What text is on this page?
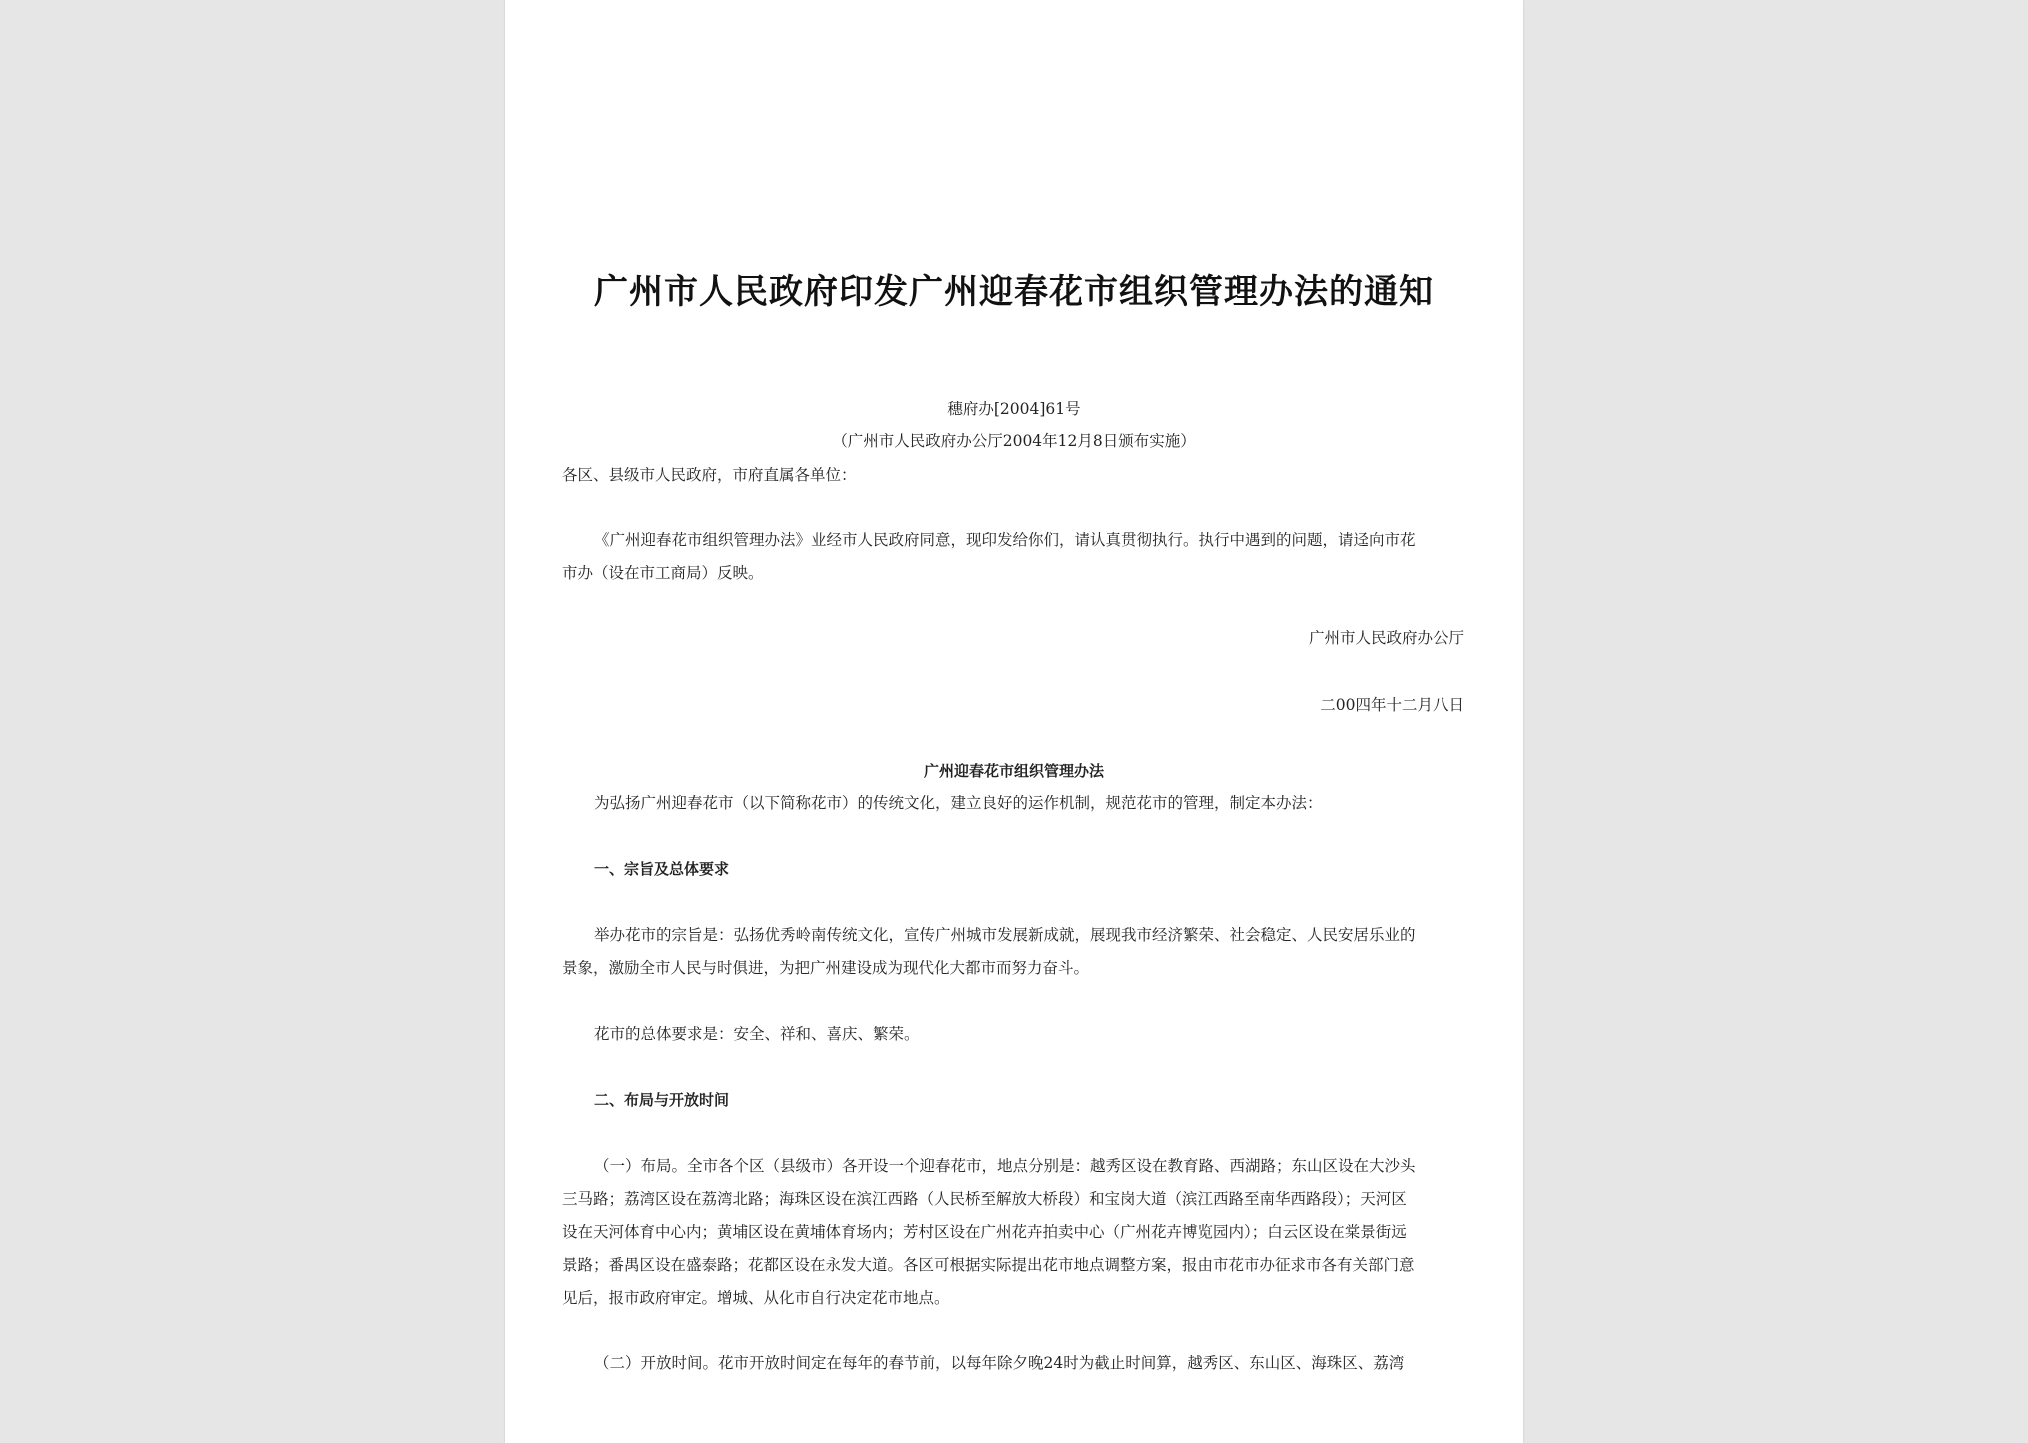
广州市人民政府印发广州迎春花市组织管理办法的通知
穗府办[2004]61号
（广州市人民政府办公厅2004年12月8日颁布实施）
各区、县级市人民政府，市府直属各单位：
《广州迎春花市组织管理办法》业经市人民政府同意，现印发给你们，请认真贯彻执行。执行中遇到的问题，请迳向市花
市办（设在市工商局）反映。
广州市人民政府办公厅
二00四年十二月八日
广州迎春花市组织管理办法
为弘扬广州迎春花市（以下简称花市）的传统文化，建立良好的运作机制，规范花市的管理，制定本办法：
一、宗旨及总体要求
举办花市的宗旨是：弘扬优秀岭南传统文化，宣传广州城市发展新成就，展现我市经济繁荣、社会稳定、人民安居乐业的
景象，激励全市人民与时俱进，为把广州建设成为现代化大都市而努力奋斗。
花市的总体要求是：安全、祥和、喜庆、繁荣。
二、布局与开放时间
（一）布局。全市各个区（县级市）各开设一个迎春花市，地点分别是：越秀区设在教育路、西湖路；东山区设在大沙头
三马路；荔湾区设在荔湾北路；海珠区设在滨江西路（人民桥至解放大桥段）和宝岗大道（滨江西路至南华西路段）；天河区
设在天河体育中心内；黄埔区设在黄埔体育场内；芳村区设在广州花卉拍卖中心（广州花卉博览园内）；白云区设在棠景街远
景路；番禺区设在盛泰路；花都区设在永发大道。各区可根据实际提出花市地点调整方案，报由市花市办征求市各有关部门意
见后，报市政府审定。增城、从化市自行决定花市地点。
（二）开放时间。花市开放时间定在每年的春节前，以每年除夕晚24时为截止时间算，越秀区、东山区、海珠区、荔湾
